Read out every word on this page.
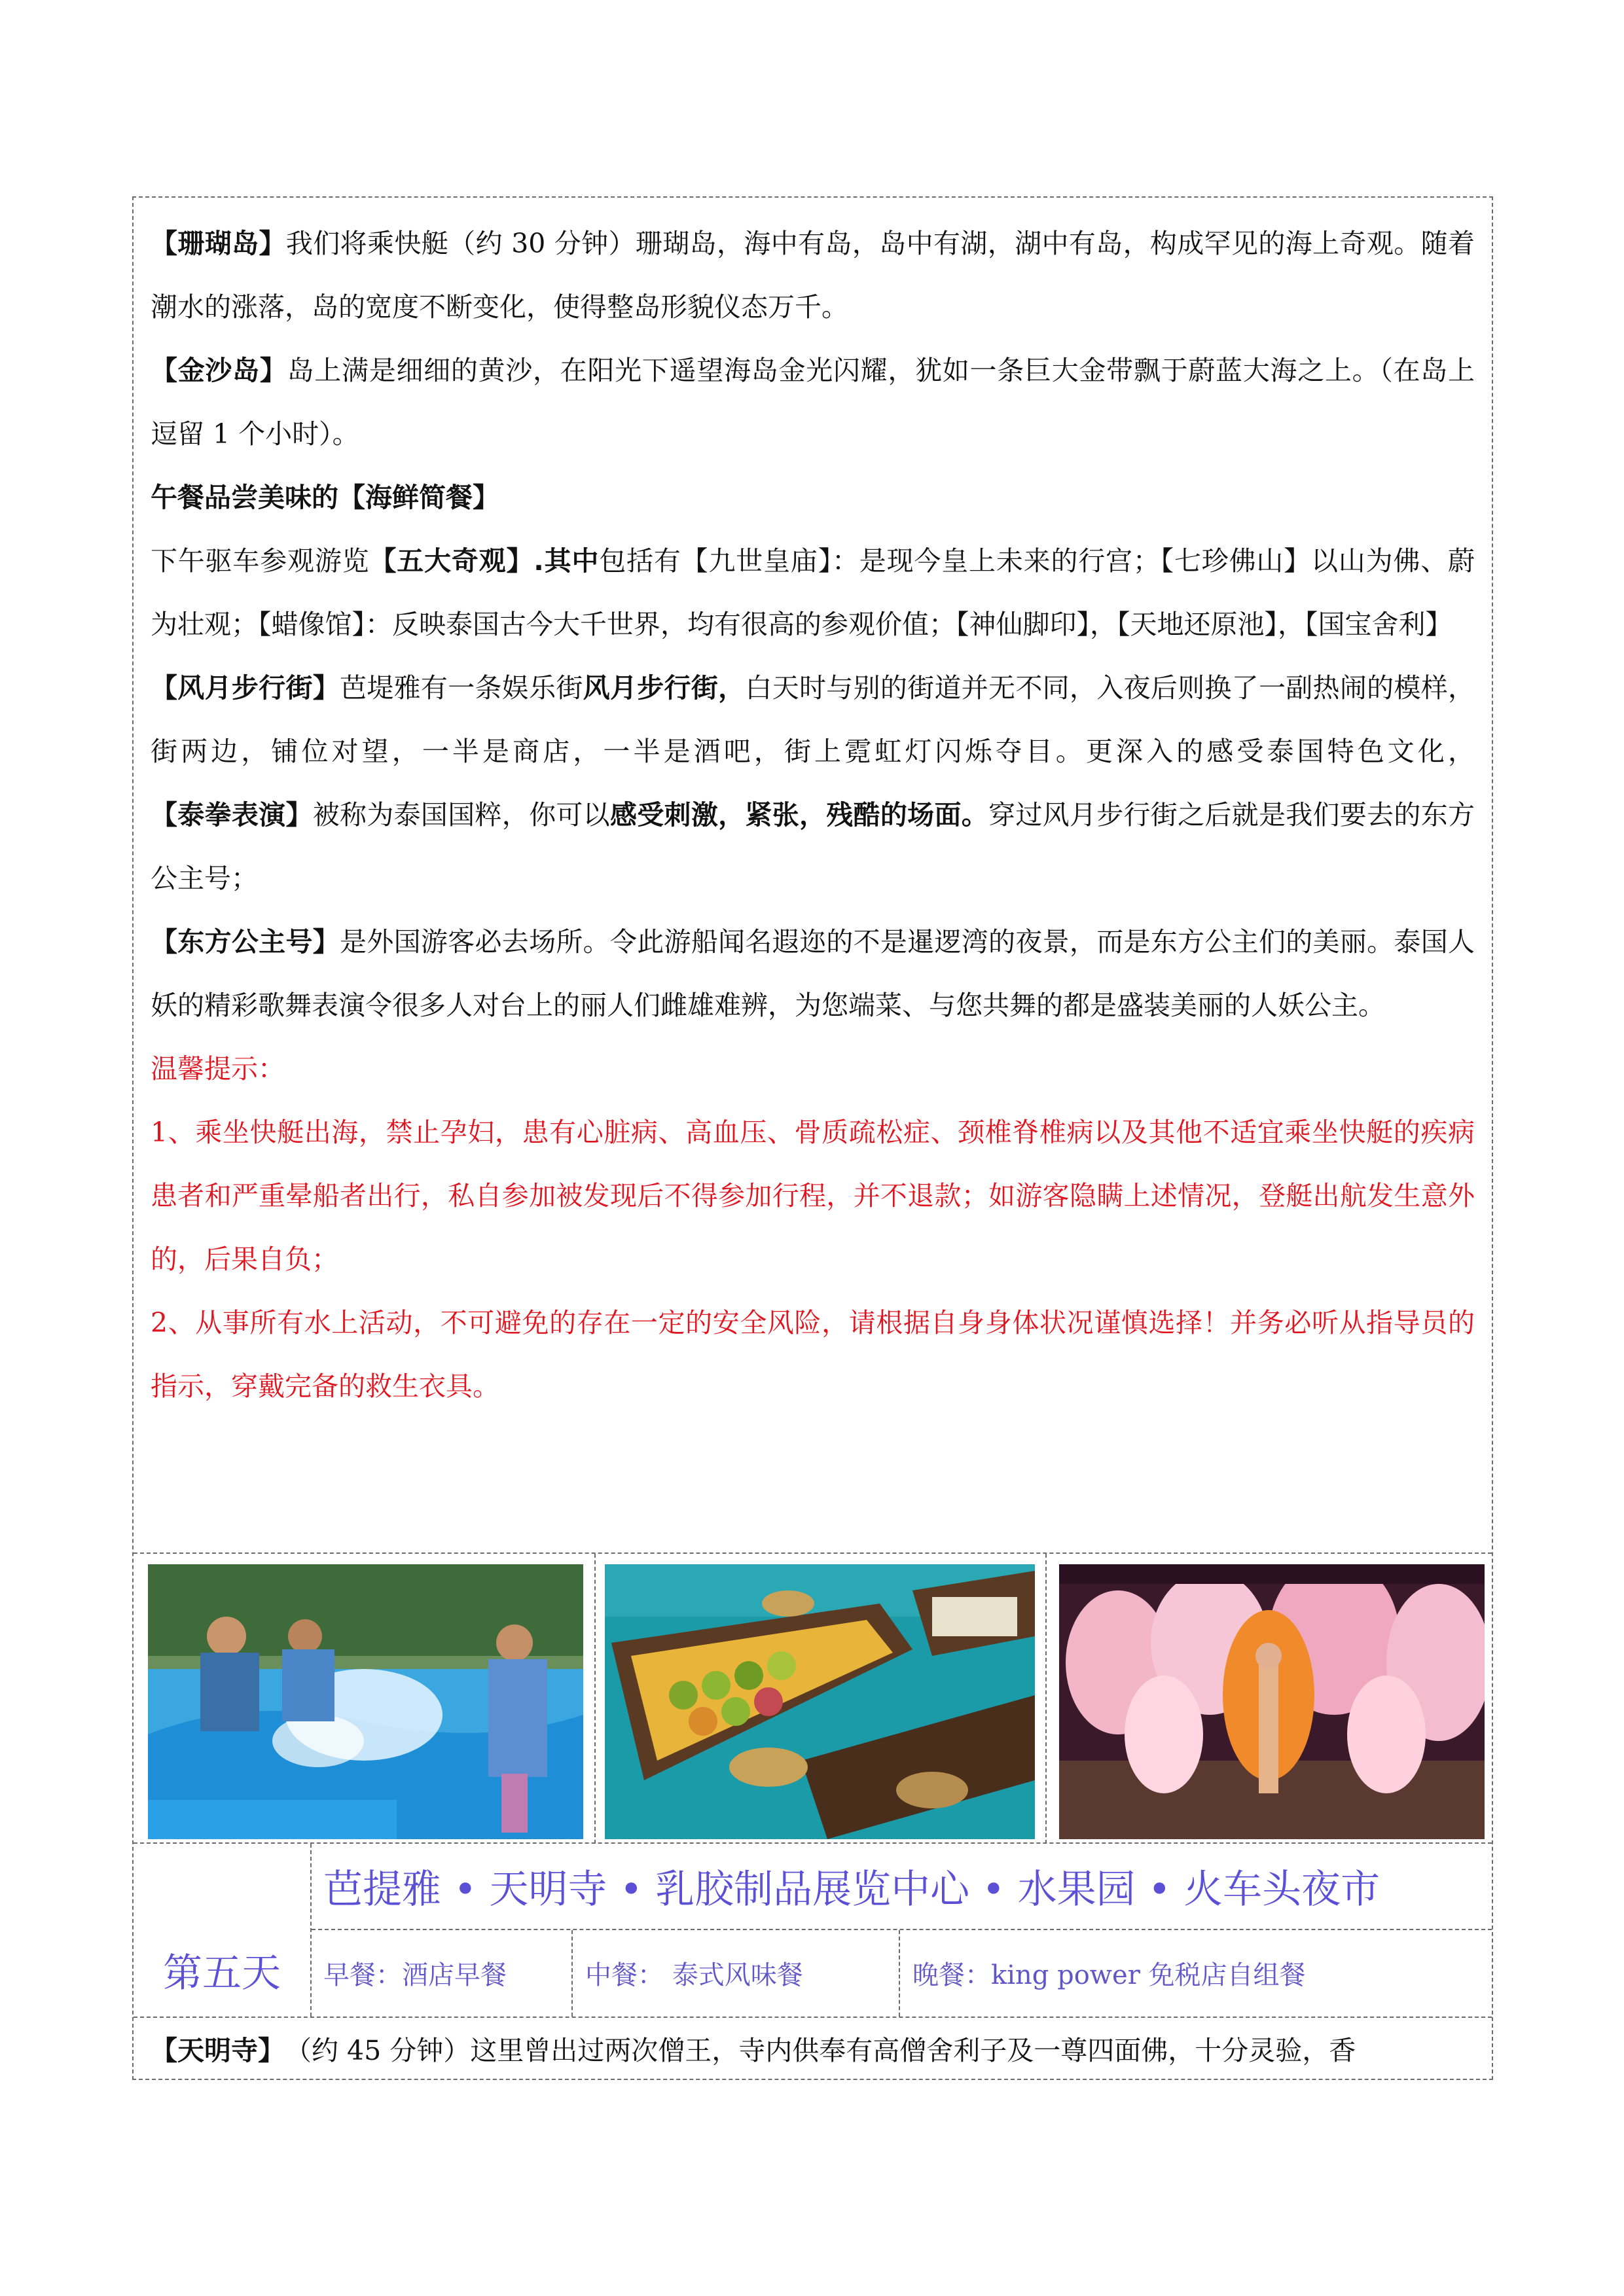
【珊瑚岛】我们将乘快艇（约 30 分钟）珊瑚岛，海中有岛，岛中有湖，湖中有岛，构成罕见的海上奇观。随着潮水的涨落，岛的宽度不断变化，使得整岛形貌仪态万千。

【金沙岛】岛上满是细细的黄沙，在阳光下遥望海岛金光闪耀，犹如一条巨大金带飘于蔚蓝大海之上。（在岛上逗留 1 个小时）。

午餐品尝美味的【海鲜简餐】

下午驱车参观游览【五大奇观】.其中包括有【九世皇庙】：是现今皇上未来的行宫；【七珍佛山】以山为佛、蔚为壮观；【蜡像馆】：反映泰国古今大千世界，均有很高的参观价值；【神仙脚印】，【天地还原池】，【国宝舍利】

【风月步行街】芭堤雅有一条娱乐街风月步行街，白天时与别的街道并无不同，入夜后则换了一副热闹的模样，街两边，铺位对望，一半是商店，一半是酒吧，街上霓虹灯闪烁夺目。更深入的感受泰国特色文化，【泰拳表演】被称为泰国国粹，你可以感受刺激，紧张，残酷的场面。穿过风月步行街之后就是我们要去的东方公主号；

【东方公主号】是外国游客必去场所。令此游船闻名遐迩的不是暹逻湾的夜景，而是东方公主们的美丽。泰国人妖的精彩歌舞表演令很多人对台上的丽人们雌雄难辨，为您端菜、与您共舞的都是盛装美丽的人妖公主。

温馨提示：

1、乘坐快艇出海，禁止孕妇，患有心脏病、高血压、骨质疏松症、颈椎脊椎病以及其他不适宜乘坐快艇的疾病患者和严重晕船者出行，私自参加被发现后不得参加行程，并不退款；如游客隐瞒上述情况，登艇出航发生意外的，后果自负；

2、从事所有水上活动，不可避免的存在一定的安全风险，请根据自身身体状况谨慎选择！并务必听从指导员的指示，穿戴完备的救生衣具。

第五天
芭提雅 • 天明寺 • 乳胶制品展览中心 • 水果园 • 火车头夜市
早餐：酒店早餐	中餐： 泰式风味餐	晚餐：king power 免税店自组餐
【天明寺】 （约 45 分钟）这里曾出过两次僧王，寺内供奉有高僧舍利子及一尊四面佛，十分灵验，香
